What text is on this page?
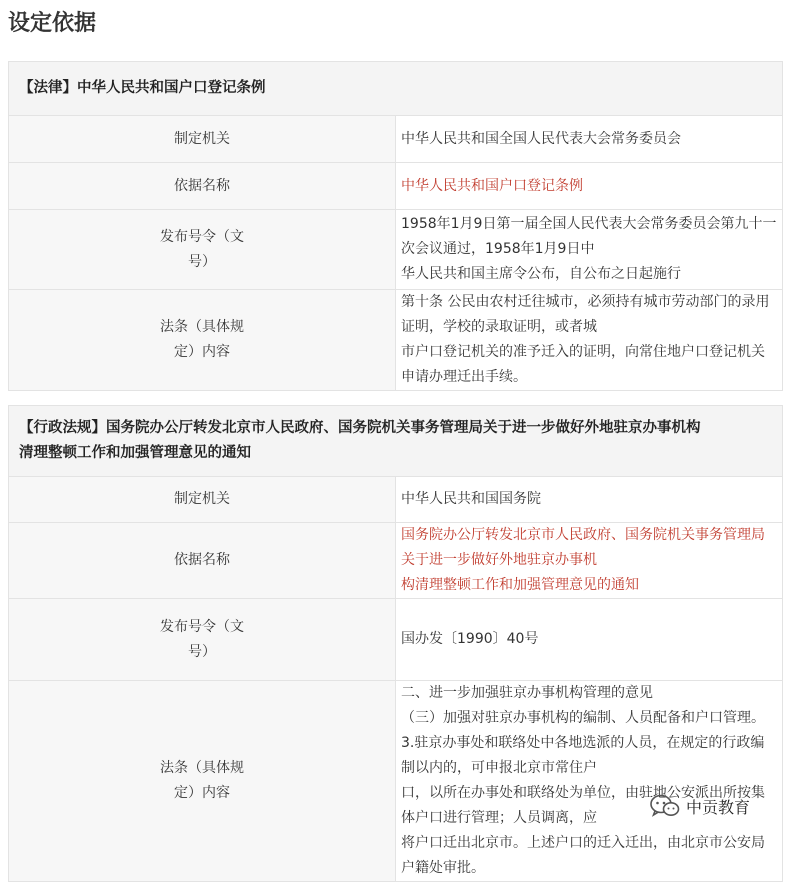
设定依据
【法律】中华人民共和国户口登记条例	
制定机关	中华人民共和国全国人民代表大会常务委员会
依据名称	中华人民共和国户口登记条例

发布号令（文
号）	1958年1月9日第一届全国人民代表大会常务委员会第九十一次会议通过，1958年1月9日中
华人民共和国主席令公布，自公布之日起施行

法条（具体规
定）内容	第十条 公民由农村迁往城市，必须持有城市劳动部门的录用证明，学校的录取证明，或者城
市户口登记机关的准予迁入的证明，向常住地户口登记机关申请办理迁出手续。
【行政法规】国务院办公厅转发北京市人民政府、国务院机关事务管理局关于进一步做好外地驻京办事机构
清理整顿工作和加强管理意见的通知	

制定机关	中华人民共和国国务院
依据名称	国务院办公厅转发北京市人民政府、国务院机关事务管理局关于进一步做好外地驻京办事机
构清理整顿工作和加强管理意见的通知

发布号令（文
号）	国办发〔1990〕40号

法条（具体规
定）内容	二、进一步加强驻京办事机构管理的意见
（三）加强对驻京办事机构的编制、人员配备和户口管理。
3.驻京办事处和联络处中各地选派的人员，在规定的行政编制以内的，可申报北京市常住户
口，以所在办事处和联络处为单位，由驻地公安派出所按集体户口进行管理；人员调离，应
将户口迁出北京市。上述户口的迁入迁出，由北京市公安局户籍处审批。
中贡教育
